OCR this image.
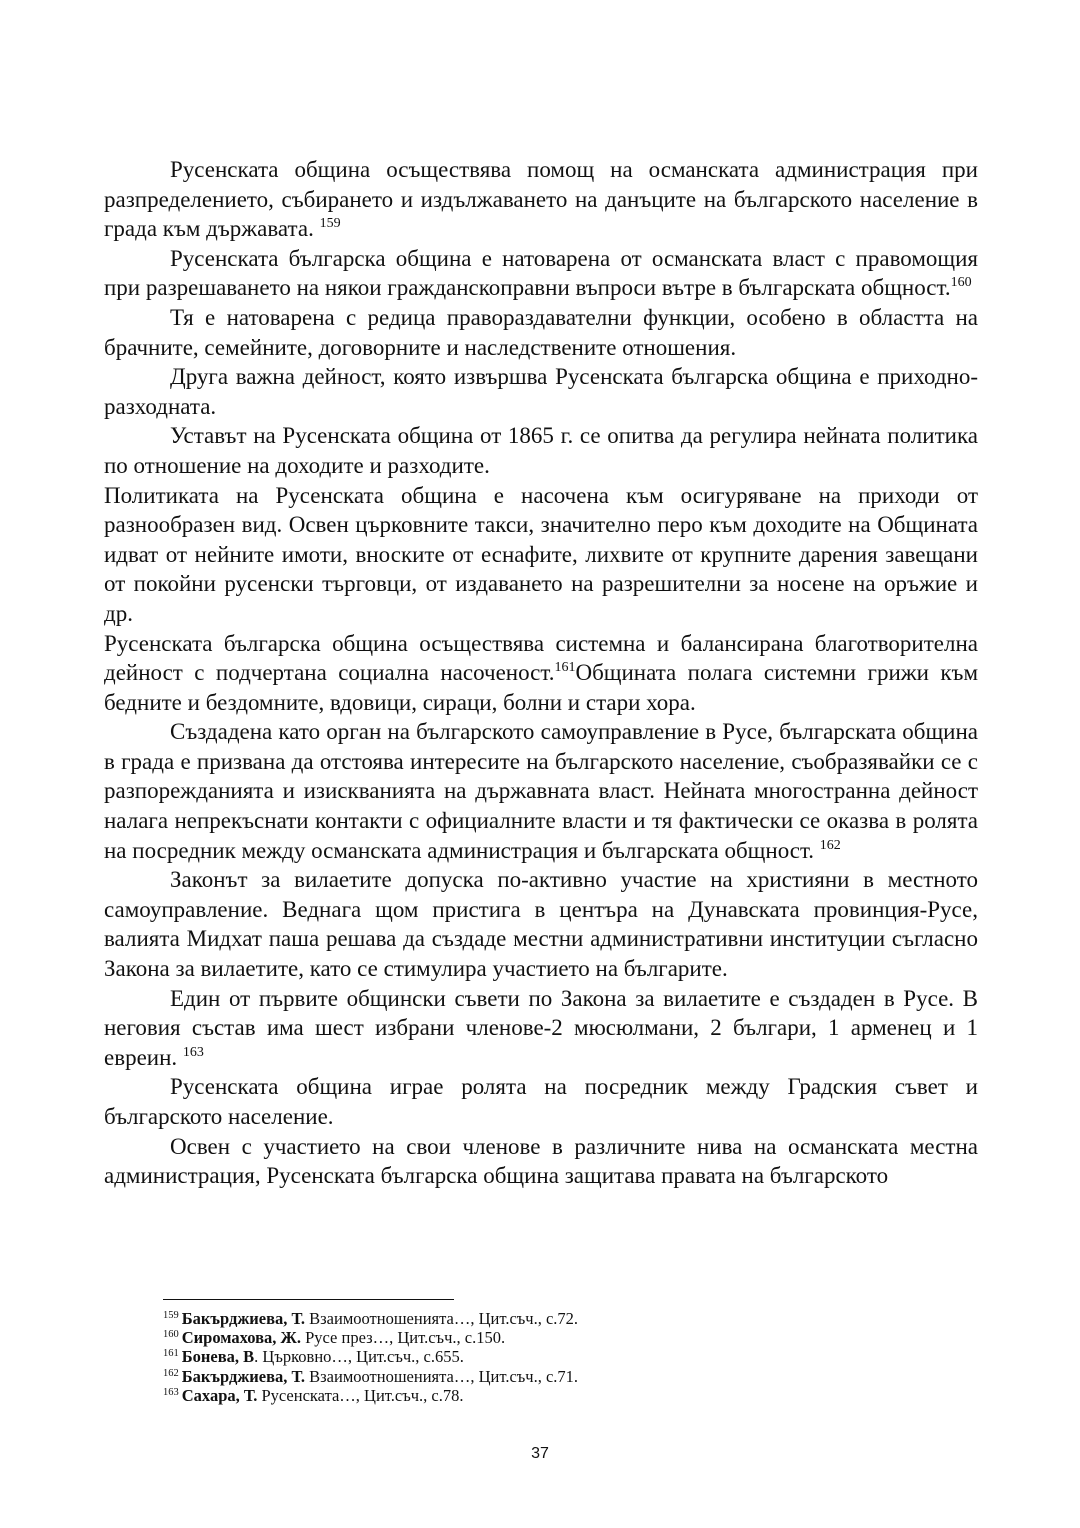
Русенската община осъществява помощ на османската администрация при разпределението, събирането и издължаването на данъците на българското население в града към държавата. $^{159}$

Русенската българска община е натоварена от османската власт с правомощия при разрешаването на някои гражданскоправни въпроси вътре в българската общност.$^{160}$

Тя е натоварена с редица правораздавателни функции, особено в областта на брачните, семейните, договорните и наследствените отношения.

Друга важна дейност, която извършва Русенската българска община е приходно-разходната.

Уставът на Русенската община от 1865 г. се опитва да регулира нейната политика по отношение на доходите и разходите.

Политиката на Русенската община е насочена към осигуряване на приходи от разнообразен вид. Освен църковните такси, значително перо към доходите на Общината идват от нейните имоти, вноските от еснафите, лихвите от крупните дарения завещани от покойни русенски търговци, от издаването на разрешителни за носене на оръжие и др.

Русенската българска община осъществява системна и балансирана благотворителна дейност с подчертана социална насоченост.$^{161}$Общината полага системни грижи към бедните и бездомните, вдовици, сираци, болни и стари хора.

Създадена като орган на българското самоуправление в Русе, българската община в града е призвана да отстоява интересите на българското население, съобразявайки се с разпорежданията и изискванията на държавната власт. Нейната многостранна дейност налага непрекъснати контакти с официалните власти и тя фактически се оказва в ролята на посредник между османската администрация и българската общност. $^{162}$

Законът за вилаетите допуска по-активно участие на християни в местното самоуправление. Веднага щом пристига в центъра на Дунавската провинция-Русе, валията Мидхат паша решава да създаде местни административни институции съгласно Закона за вилаетите, като се стимулира участието на българите.

Един от първите общински съвети по Закона за вилаетите е създаден в Русе. В неговия състав има шест избрани членове-2 мюсюлмани, 2 българи, 1 арменец и 1 евреин. $^{163}$

Русенската община играе ролята на посредник между Градския съвет и българското население.

Освен с участието на свои членове в различните нива на османската местна администрация, Русенската българска община защитава правата на българското

$^{159}$ Бакърджиева, Т. Взаимоотношенията…, Цит.съч., с.72.
$^{160}$ Сиромахова, Ж. Русе през…, Цит.съч., с.150.
$^{161}$ Бонева, В. Църковно…, Цит.съч., с.655.
$^{162}$ Бакърджиева, Т. Взаимоотношенията…, Цит.съч., с.71.
$^{163}$ Сахара, Т. Русенската…, Цит.съч., с.78.
37
